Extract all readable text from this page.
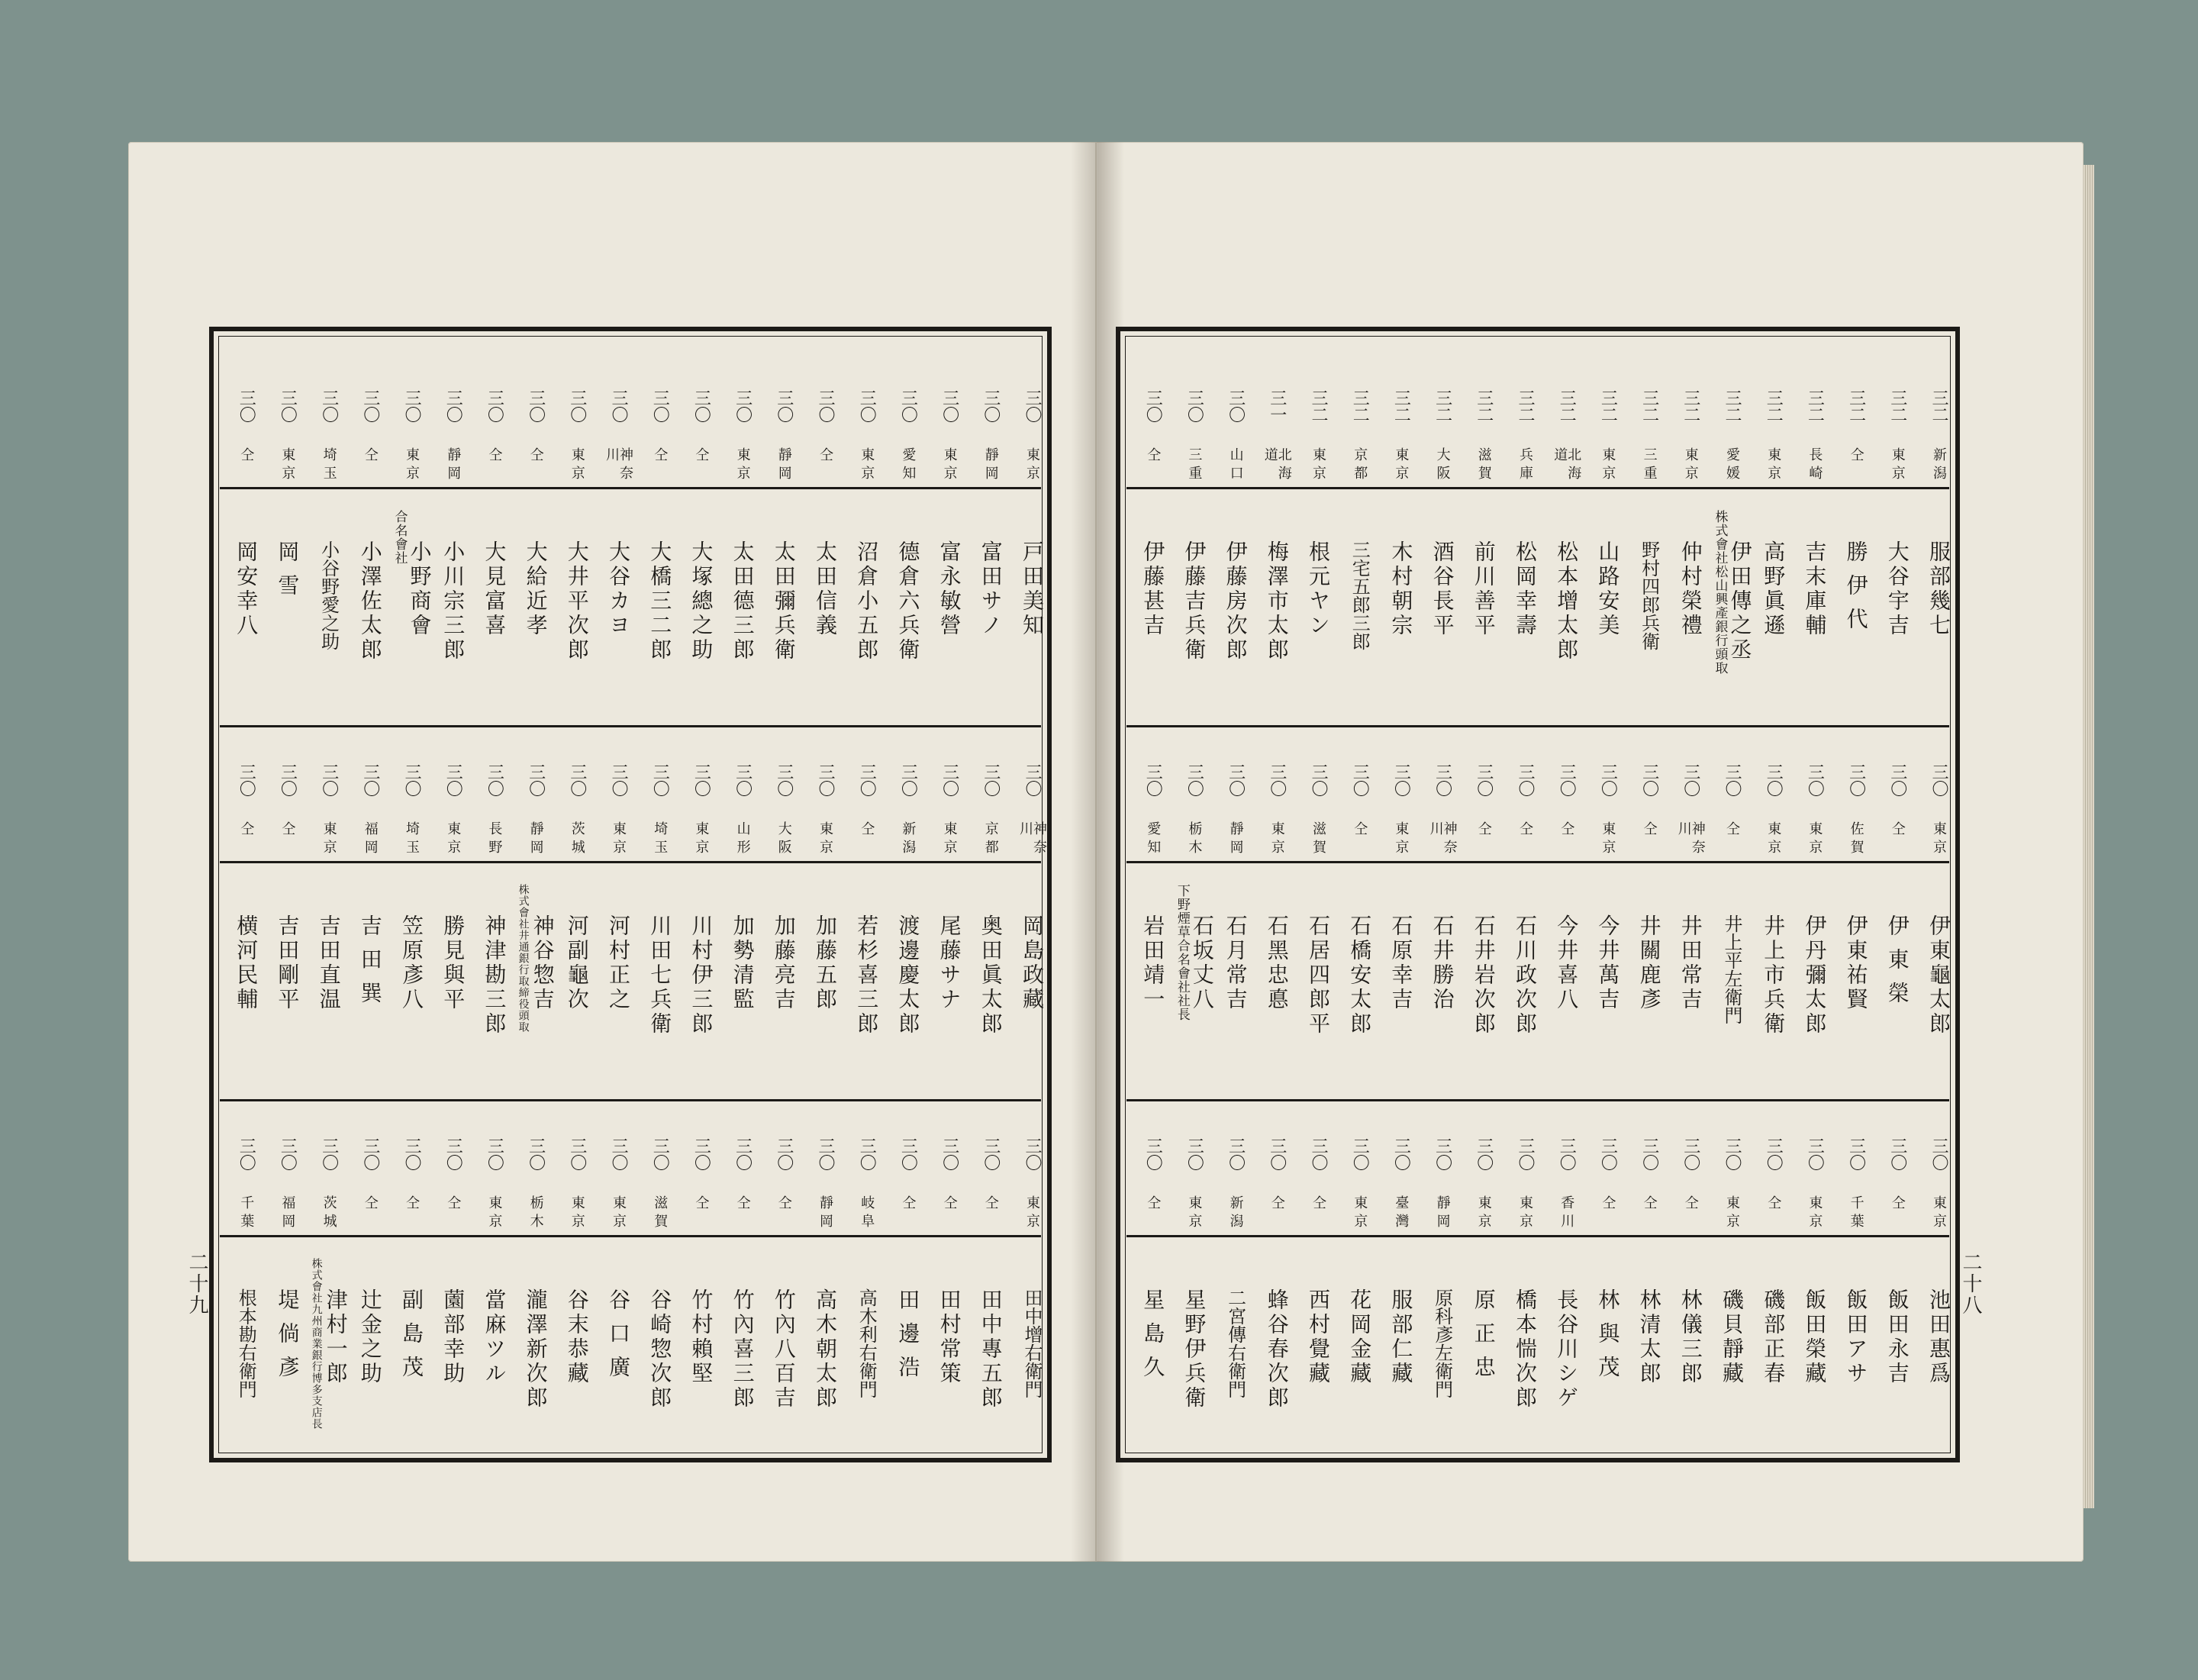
二十九	二十八
三二
新潟
服部幾七
三二
東京
大谷宇吉
三二
仝
勝伊代
三二
長崎
吉末庫輔
三二
東京
高野眞遜
三二
愛媛
伊田傳之丞
株式會社松山興產銀行頭取
三二
東京
仲村榮禮
三二
三重
野村四郎兵衛
三二
東京
山路安美
三二
北海道
松本增太郎
三二
兵庫
松岡幸壽
三二
滋賀
前川善平
三二
大阪
酒谷長平
三二
東京
木村朝宗
三二
京都
三宅五郎三郎
三二
東京
根元ヤン
三一
北海道
梅澤市太郎
三〇
山口
伊藤房次郎
三〇
三重
伊藤吉兵衛
三〇
仝
伊藤甚吉
三〇
東京
伊東龜太郎
三〇
仝
伊東榮
三〇
佐賀
伊東祐賢
三〇
東京
伊丹彌太郎
三〇
東京
井上市兵衛
三〇
仝
井上平左衛門
三〇
神奈川
井田常吉
三〇
仝
井關鹿彥
三〇
東京
今井萬吉
三〇
仝
今井喜八
三〇
仝
石川政次郎
三〇
仝
石井岩次郎
三〇
神奈川
石井勝治
三〇
東京
石原幸吉
三〇
仝
石橋安太郎
三〇
滋賀
石居四郎平
三〇
東京
石黑忠悳
三〇
靜岡
石月常吉
三〇
栃木
石坂丈八
下野煙草合名會社社長
三〇
愛知
岩田靖一
三〇
東京
池田惠爲
三〇
仝
飯田永吉
三〇
千葉
飯田アサ
三〇
東京
飯田榮藏
三〇
仝
磯部正春
三〇
東京
磯貝靜藏
三〇
仝
林儀三郎
三〇
仝
林清太郎
三〇
仝
林與茂
三〇
香川
長谷川シゲ
三〇
東京
橋本惴次郎
三〇
東京
原正忠
三〇
靜岡
原科彥左衛門
三〇
臺灣
服部仁藏
三〇
東京
花岡金藏
三〇
仝
西村覺藏
三〇
仝
蜂谷春次郎
三〇
新潟
二宮傳右衛門
三〇
東京
星野伊兵衛
三〇
仝
星島久
三〇
東京
戸田美知
三〇
靜岡
富田サノ
三〇
東京
富永敏營
三〇
愛知
德倉六兵衛
三〇
東京
沼倉小五郎
三〇
仝
太田信義
三〇
靜岡
太田彌兵衛
三〇
東京
太田德三郎
三〇
仝
大塚總之助
三〇
仝
大橋三二郎
三〇
神奈川
大谷カヨ
三〇
東京
大井平次郎
三〇
仝
大給近孝
三〇
仝
大見富喜
三〇
靜岡
小川宗三郎
三〇
東京
小野商會
合名會社
三〇
仝
小澤佐太郎
三〇
埼玉
小谷野愛之助
三〇
東京
岡雪
三〇
仝
岡安幸八
三〇
神奈川
岡島政藏
三〇
京都
奥田眞太郎
三〇
東京
尾藤サナ
三〇
新潟
渡邊慶太郎
三〇
仝
若杉喜三郎
三〇
東京
加藤五郎
三〇
大阪
加藤亮吉
三〇
山形
加勢清監
三〇
東京
川村伊三郎
三〇
埼玉
川田七兵衛
三〇
東京
河村正之
三〇
茨城
河副龜次
三〇
靜岡
神谷惣吉
株式會社井通銀行取締役頭取
三〇
長野
神津勘三郎
三〇
東京
勝見與平
三〇
埼玉
笠原彥八
三〇
福岡
吉田巽
三〇
東京
吉田直温
三〇
仝
吉田剛平
三〇
仝
横河民輔
三〇
東京
田中增右衛門
三〇
仝
田中專五郎
三〇
仝
田村常策
三〇
仝
田邊浩
三〇
岐阜
高木利右衛門
三〇
靜岡
高木朝太郎
三〇
仝
竹內八百吉
三〇
仝
竹內喜三郎
三〇
仝
竹村賴堅
三〇
滋賀
谷崎惣次郎
三〇
東京
谷口廣
三〇
東京
谷末恭藏
三〇
栃木
瀧澤新次郎
三〇
東京
當麻ツル
三〇
仝
薗部幸助
三〇
仝
副島茂
三〇
仝
辻金之助
三〇
茨城
津村一郎
株式會社九州商業銀行博多支店長
三〇
福岡
堤倘彥
三〇
千葉
根本勘右衛門
